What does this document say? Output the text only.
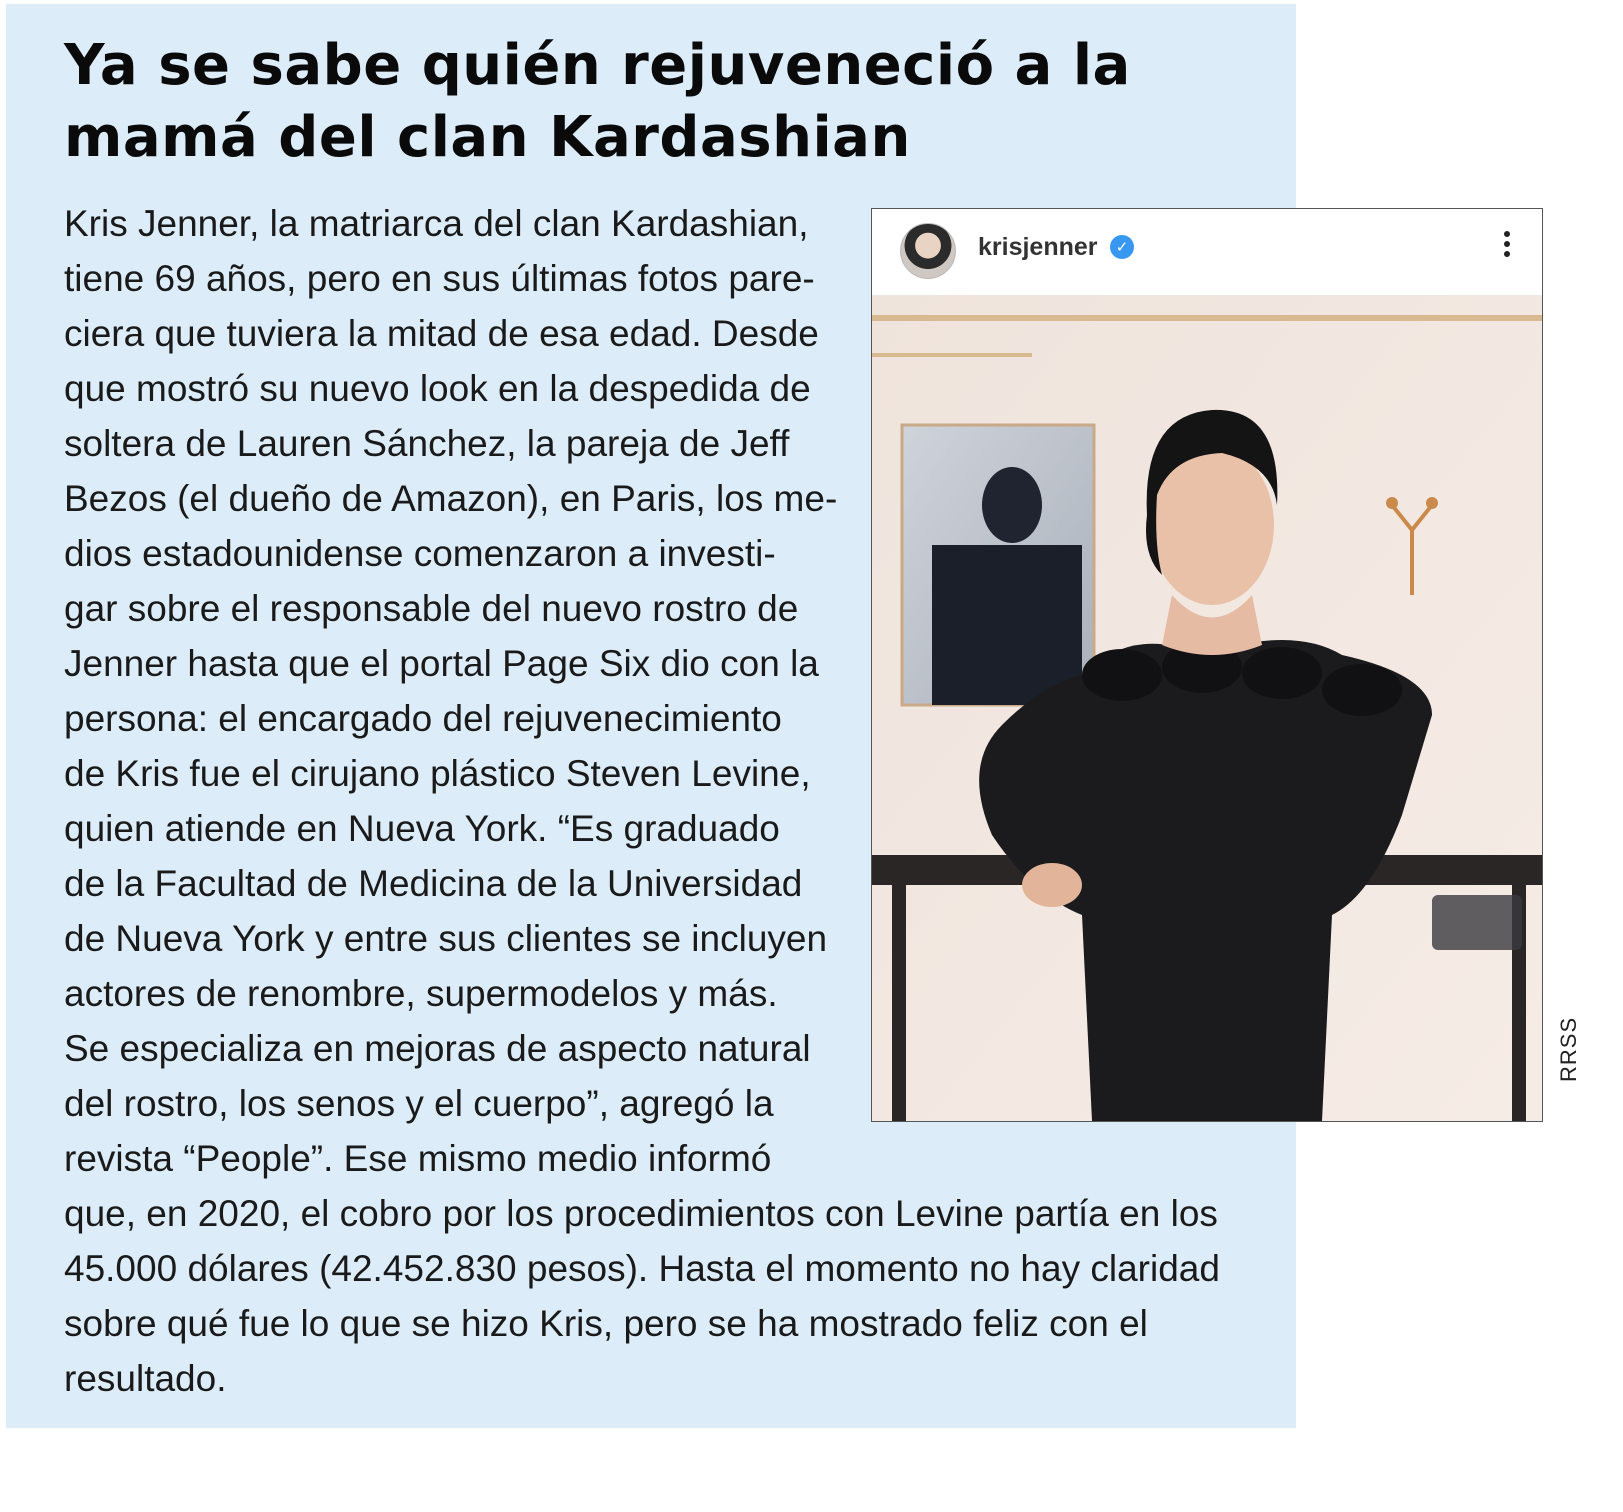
Ya se sabe quién rejuveneció a la
mamá del clan Kardashian
Kris Jenner, la matriarca del clan Kardashian,
tiene 69 años, pero en sus últimas fotos pare-
ciera que tuviera la mitad de esa edad. Desde
que mostró su nuevo look en la despedida de
soltera de Lauren Sánchez, la pareja de Jeff
Bezos (el dueño de Amazon), en Paris, los me-
dios estadounidense comenzaron a investi-
gar sobre el responsable del nuevo rostro de
Jenner hasta que el portal Page Six dio con la
persona: el encargado del rejuvenecimiento
de Kris fue el cirujano plástico Steven Levine,
quien atiende en Nueva York. “Es graduado
de la Facultad de Medicina de la Universidad
de Nueva York y entre sus clientes se incluyen
actores de renombre, supermodelos y más.
Se especializa en mejoras de aspecto natural
del rostro, los senos y el cuerpo”, agregó la
revista “People”. Ese mismo medio informó
que, en 2020, el cobro por los procedimientos con Levine partía en los
45.000 dólares (42.452.830 pesos). Hasta el momento no hay claridad
sobre qué fue lo que se hizo Kris, pero se ha mostrado feliz con el
resultado.
krisjenner	✓
RRSS
